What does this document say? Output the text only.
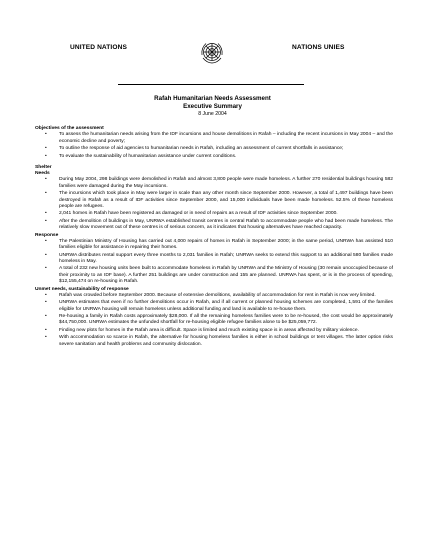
UNITED NATIONS	NATIONS UNIES
Rafah Humanitarian Needs Assessment
Executive Summary
8 June 2004

Objectives of the assessment

• To assess the humanitarian needs arising from the IDF incursions and house demolitions in Rafah – including the recent incursions in May 2004 – and the economic decline and poverty;
• To outline the response of aid agencies to humanitarian needs in Rafah, including an assessment of current shortfalls in assistance;
• To evaluate the sustainability of humanitarian assistance under current conditions.

Shelter

Needs

• During May 2004, 298 buildings were demolished in Rafah and almost 3,800 people were made homeless. A further 270 residential buildings housing 582 families were damaged during the May incursions.
• The incursions which took place in May were larger in scale than any other month since September 2000. However, a total of 1,497 buildings have been destroyed in Rafah as a result of IDF activities since September 2000, and 15,000 individuals have been made homeless. 52.5% of these homeless people are refugees.
• 2,041 homes in Rafah have been registered as damaged or in need of repairs as a result of IDF activities since September 2000.
• After the demolition of buildings in May, UNRWA established transit centres in central Rafah to accommodate people who had been made homeless. The relatively slow movement out of these centres is of serious concern, as it indicates that housing alternatives have reached capacity.

Response

• The Palestinian Ministry of Housing has carried out 4,000 repairs of homes in Rafah in September 2000; in the same period, UNRWA has assisted 510 families eligible for assistance in repairing their homes.
• UNRWA distributes rental support every three months to 2,031 families in Rafah; UNRWA seeks to extend this support to an additional 580 families made homeless in May.
• A total of 232 new housing units been built to accommodate homeless in Rafah by UNRWA and the Ministry of Housing (30 remain unoccupied because of their proximity to an IDF base). A further 251 buildings are under construction and 155 are planned. UNRWA has spent, or is in the process of spending, $12,155,474 on re-housing in Rafah.

Unmet needs, sustainability of response

• Rafah was crowded before September 2000. Because of extensive demolitions, availability of accommodation for rent in Rafah is now very limited.
• UNRWA estimates that even if no further demolitions occur in Rafah, and if all current or planned housing schemes are completed, 1,591 of the families eligible for UNRWA housing will remain homeless unless additional funding and land is available to re-house them.
• Re-housing a family in Rafah costs approximately $28,000. If all the remaining homeless families were to be re-housed, the cost would be approximately $44,750,000. UNRWA estimates the unfunded shortfall for re-housing eligible refugee families alone to be $25,059,772.
• Finding new plots for homes in the Rafah area is difficult. Space is limited and much existing space is in areas affected by military violence.
• With accommodation so scarce in Rafah, the alternative for housing homeless families is either in school buildings or tent villages. The latter option risks severe sanitation and health problems and community dislocation.
